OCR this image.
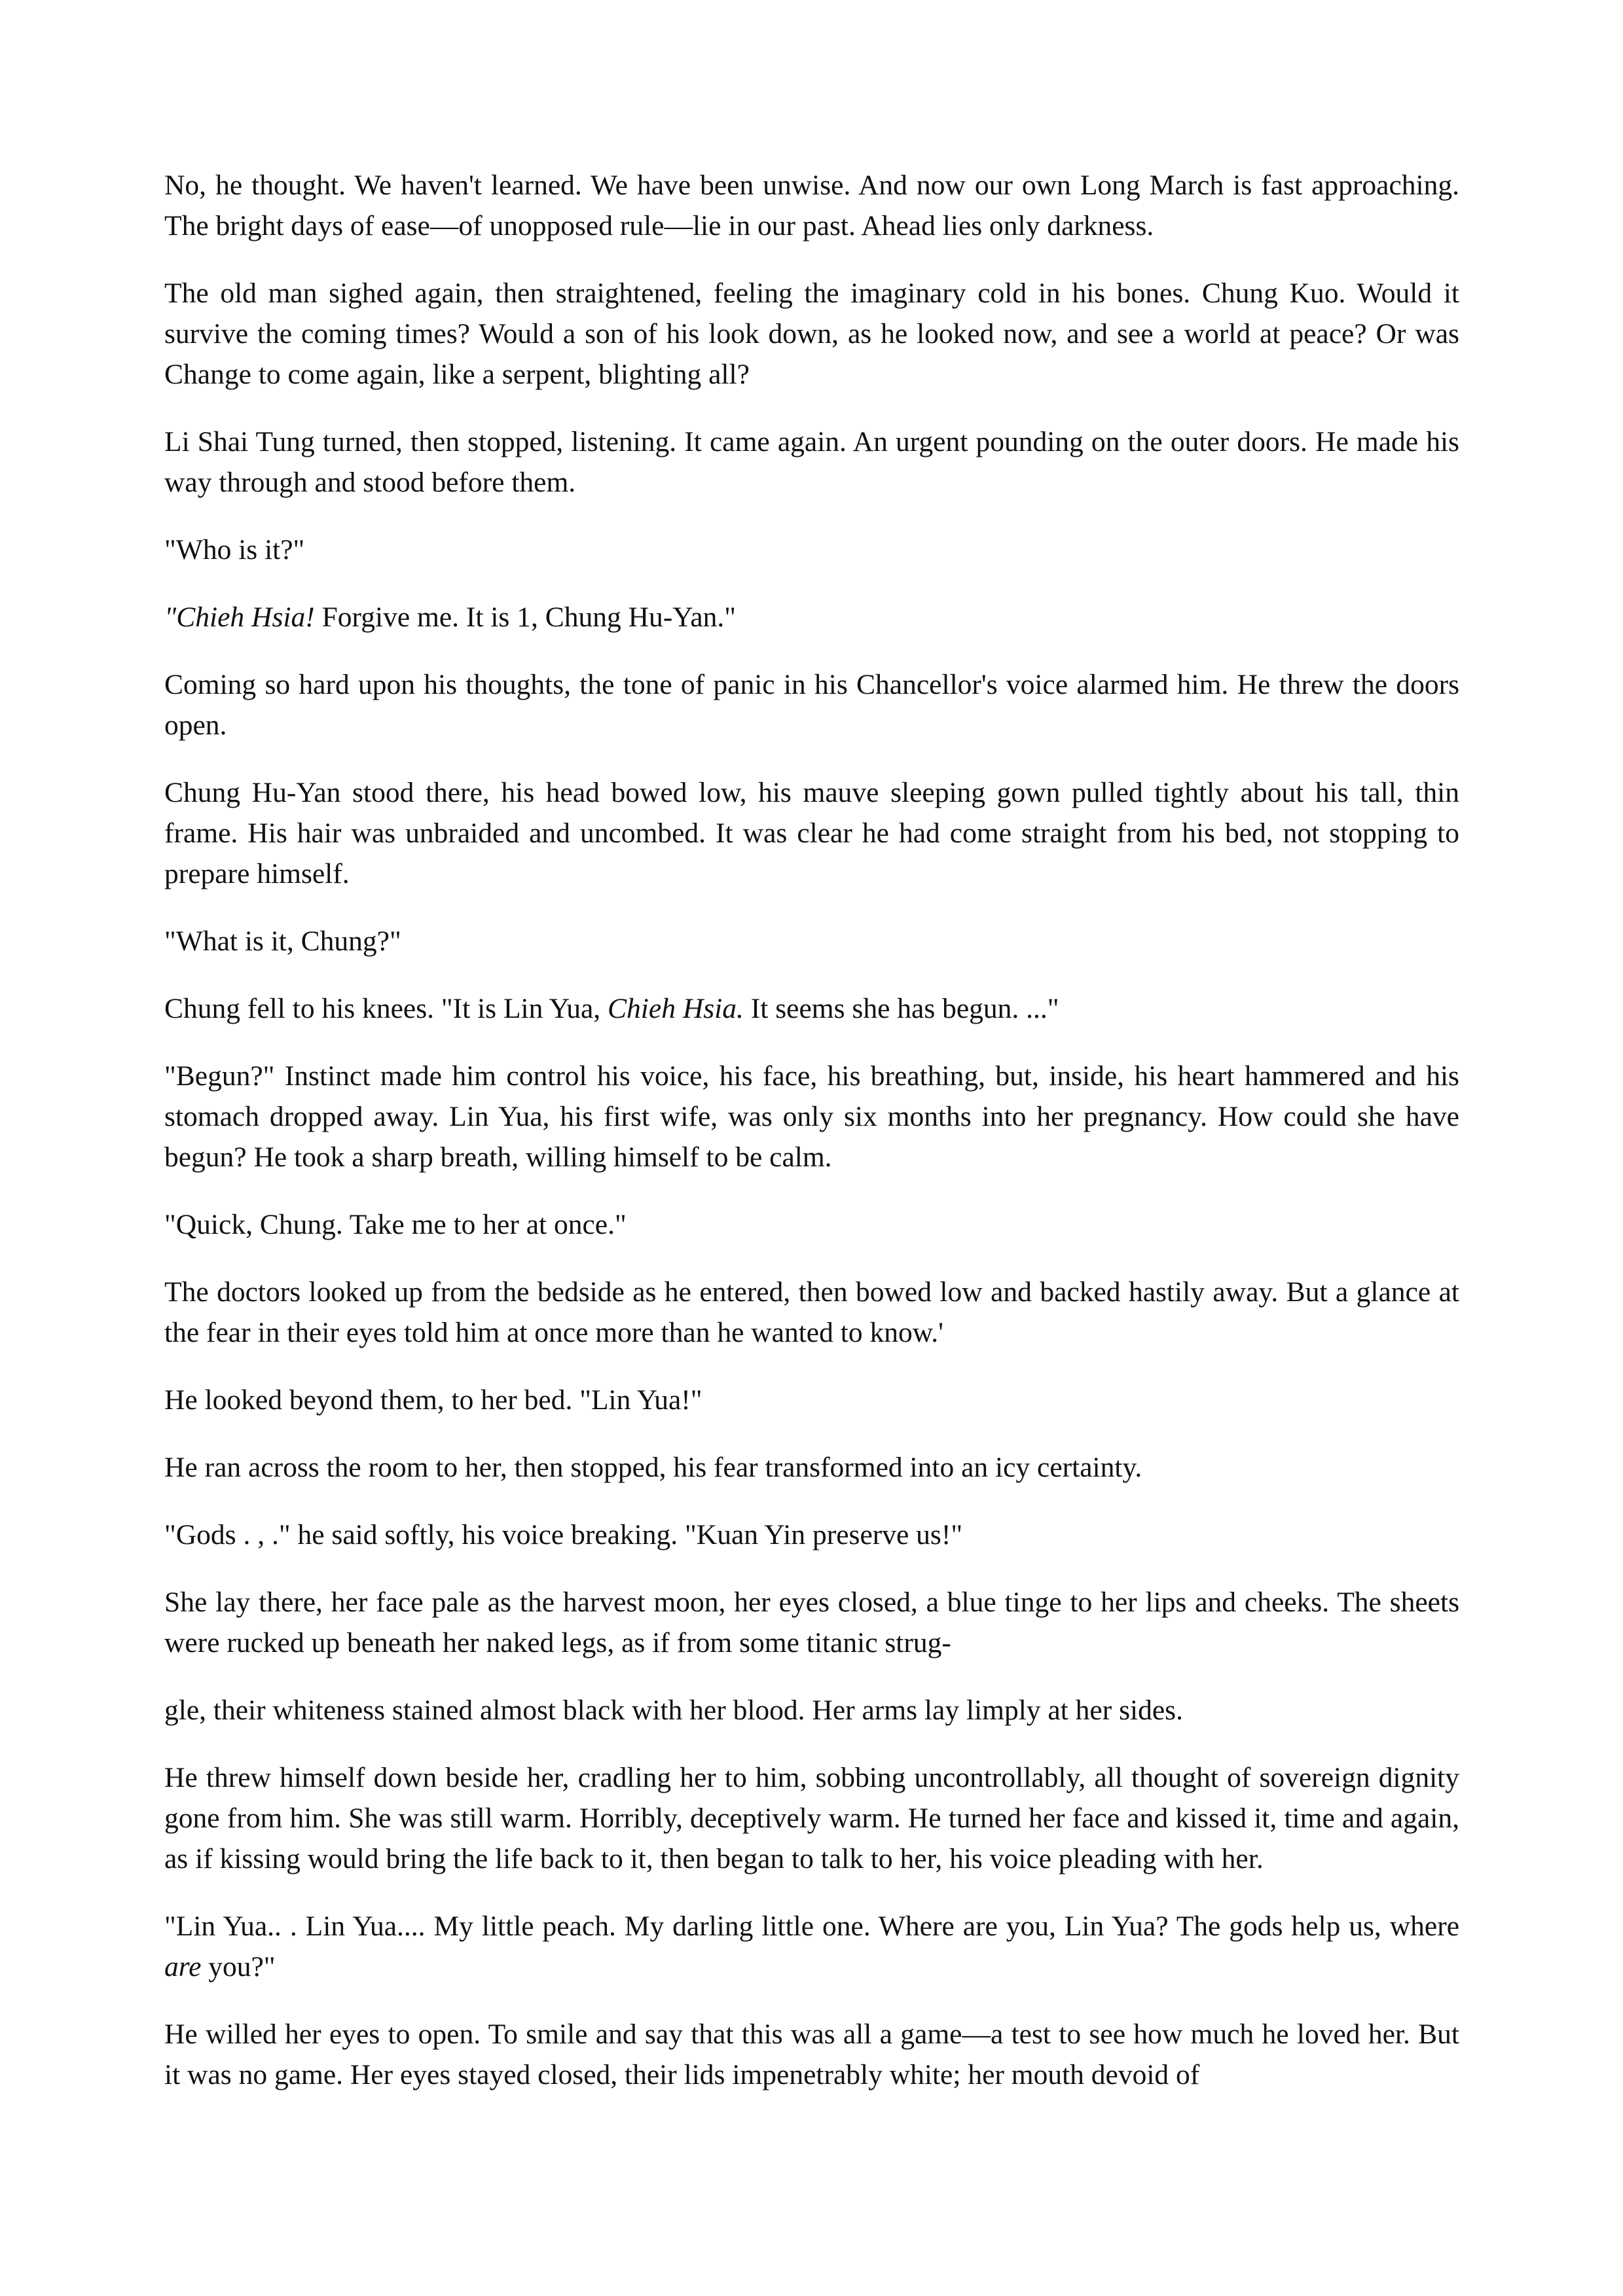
No, he thought. We haven't learned. We have been unwise. And now our own Long March is fast approaching. The bright days of ease—of unopposed rule—lie in our past. Ahead lies only darkness.

The old man sighed again, then straightened, feeling the imaginary cold in his bones. Chung Kuo. Would it survive the coming times? Would a son of his look down, as he looked now, and see a world at peace? Or was Change to come again, like a serpent, blighting all?

Li Shai Tung turned, then stopped, listening. It came again. An urgent pounding on the outer doors. He made his way through and stood before them.

"Who is it?"

"Chieh Hsia! Forgive me. It is 1, Chung Hu-Yan."

Coming so hard upon his thoughts, the tone of panic in his Chancellor's voice alarmed him. He threw the doors open.

Chung Hu-Yan stood there, his head bowed low, his mauve sleeping gown pulled tightly about his tall, thin frame. His hair was unbraided and uncombed. It was clear he had come straight from his bed, not stopping to prepare himself.

"What is it, Chung?"

Chung fell to his knees. "It is Lin Yua, Chieh Hsia. It seems she has begun. ..."

"Begun?" Instinct made him control his voice, his face, his breathing, but, inside, his heart hammered and his stomach dropped away. Lin Yua, his first wife, was only six months into her pregnancy. How could she have begun? He took a sharp breath, willing himself to be calm.

"Quick, Chung. Take me to her at once."

The doctors looked up from the bedside as he entered, then bowed low and backed hastily away. But a glance at the fear in their eyes told him at once more than he wanted to know.'

He looked beyond them, to her bed. "Lin Yua!"

He ran across the room to her, then stopped, his fear transformed into an icy certainty.

"Gods . , ." he said softly, his voice breaking. "Kuan Yin preserve us!"

She lay there, her face pale as the harvest moon, her eyes closed, a blue tinge to her lips and cheeks. The sheets were rucked up beneath her naked legs, as if from some titanic strug-

gle, their whiteness stained almost black with her blood. Her arms lay limply at her sides.

He threw himself down beside her, cradling her to him, sobbing uncontrollably, all thought of sovereign dignity gone from him. She was still warm. Horribly, deceptively warm. He turned her face and kissed it, time and again, as if kissing would bring the life back to it, then began to talk to her, his voice pleading with her.

"Lin Yua.. . Lin Yua.... My little peach. My darling little one. Where are you, Lin Yua? The gods help us, where are you?"

He willed her eyes to open. To smile and say that this was all a game—a test to see how much he loved her. But it was no game. Her eyes stayed closed, their lids impenetrably white; her mouth devoid of
